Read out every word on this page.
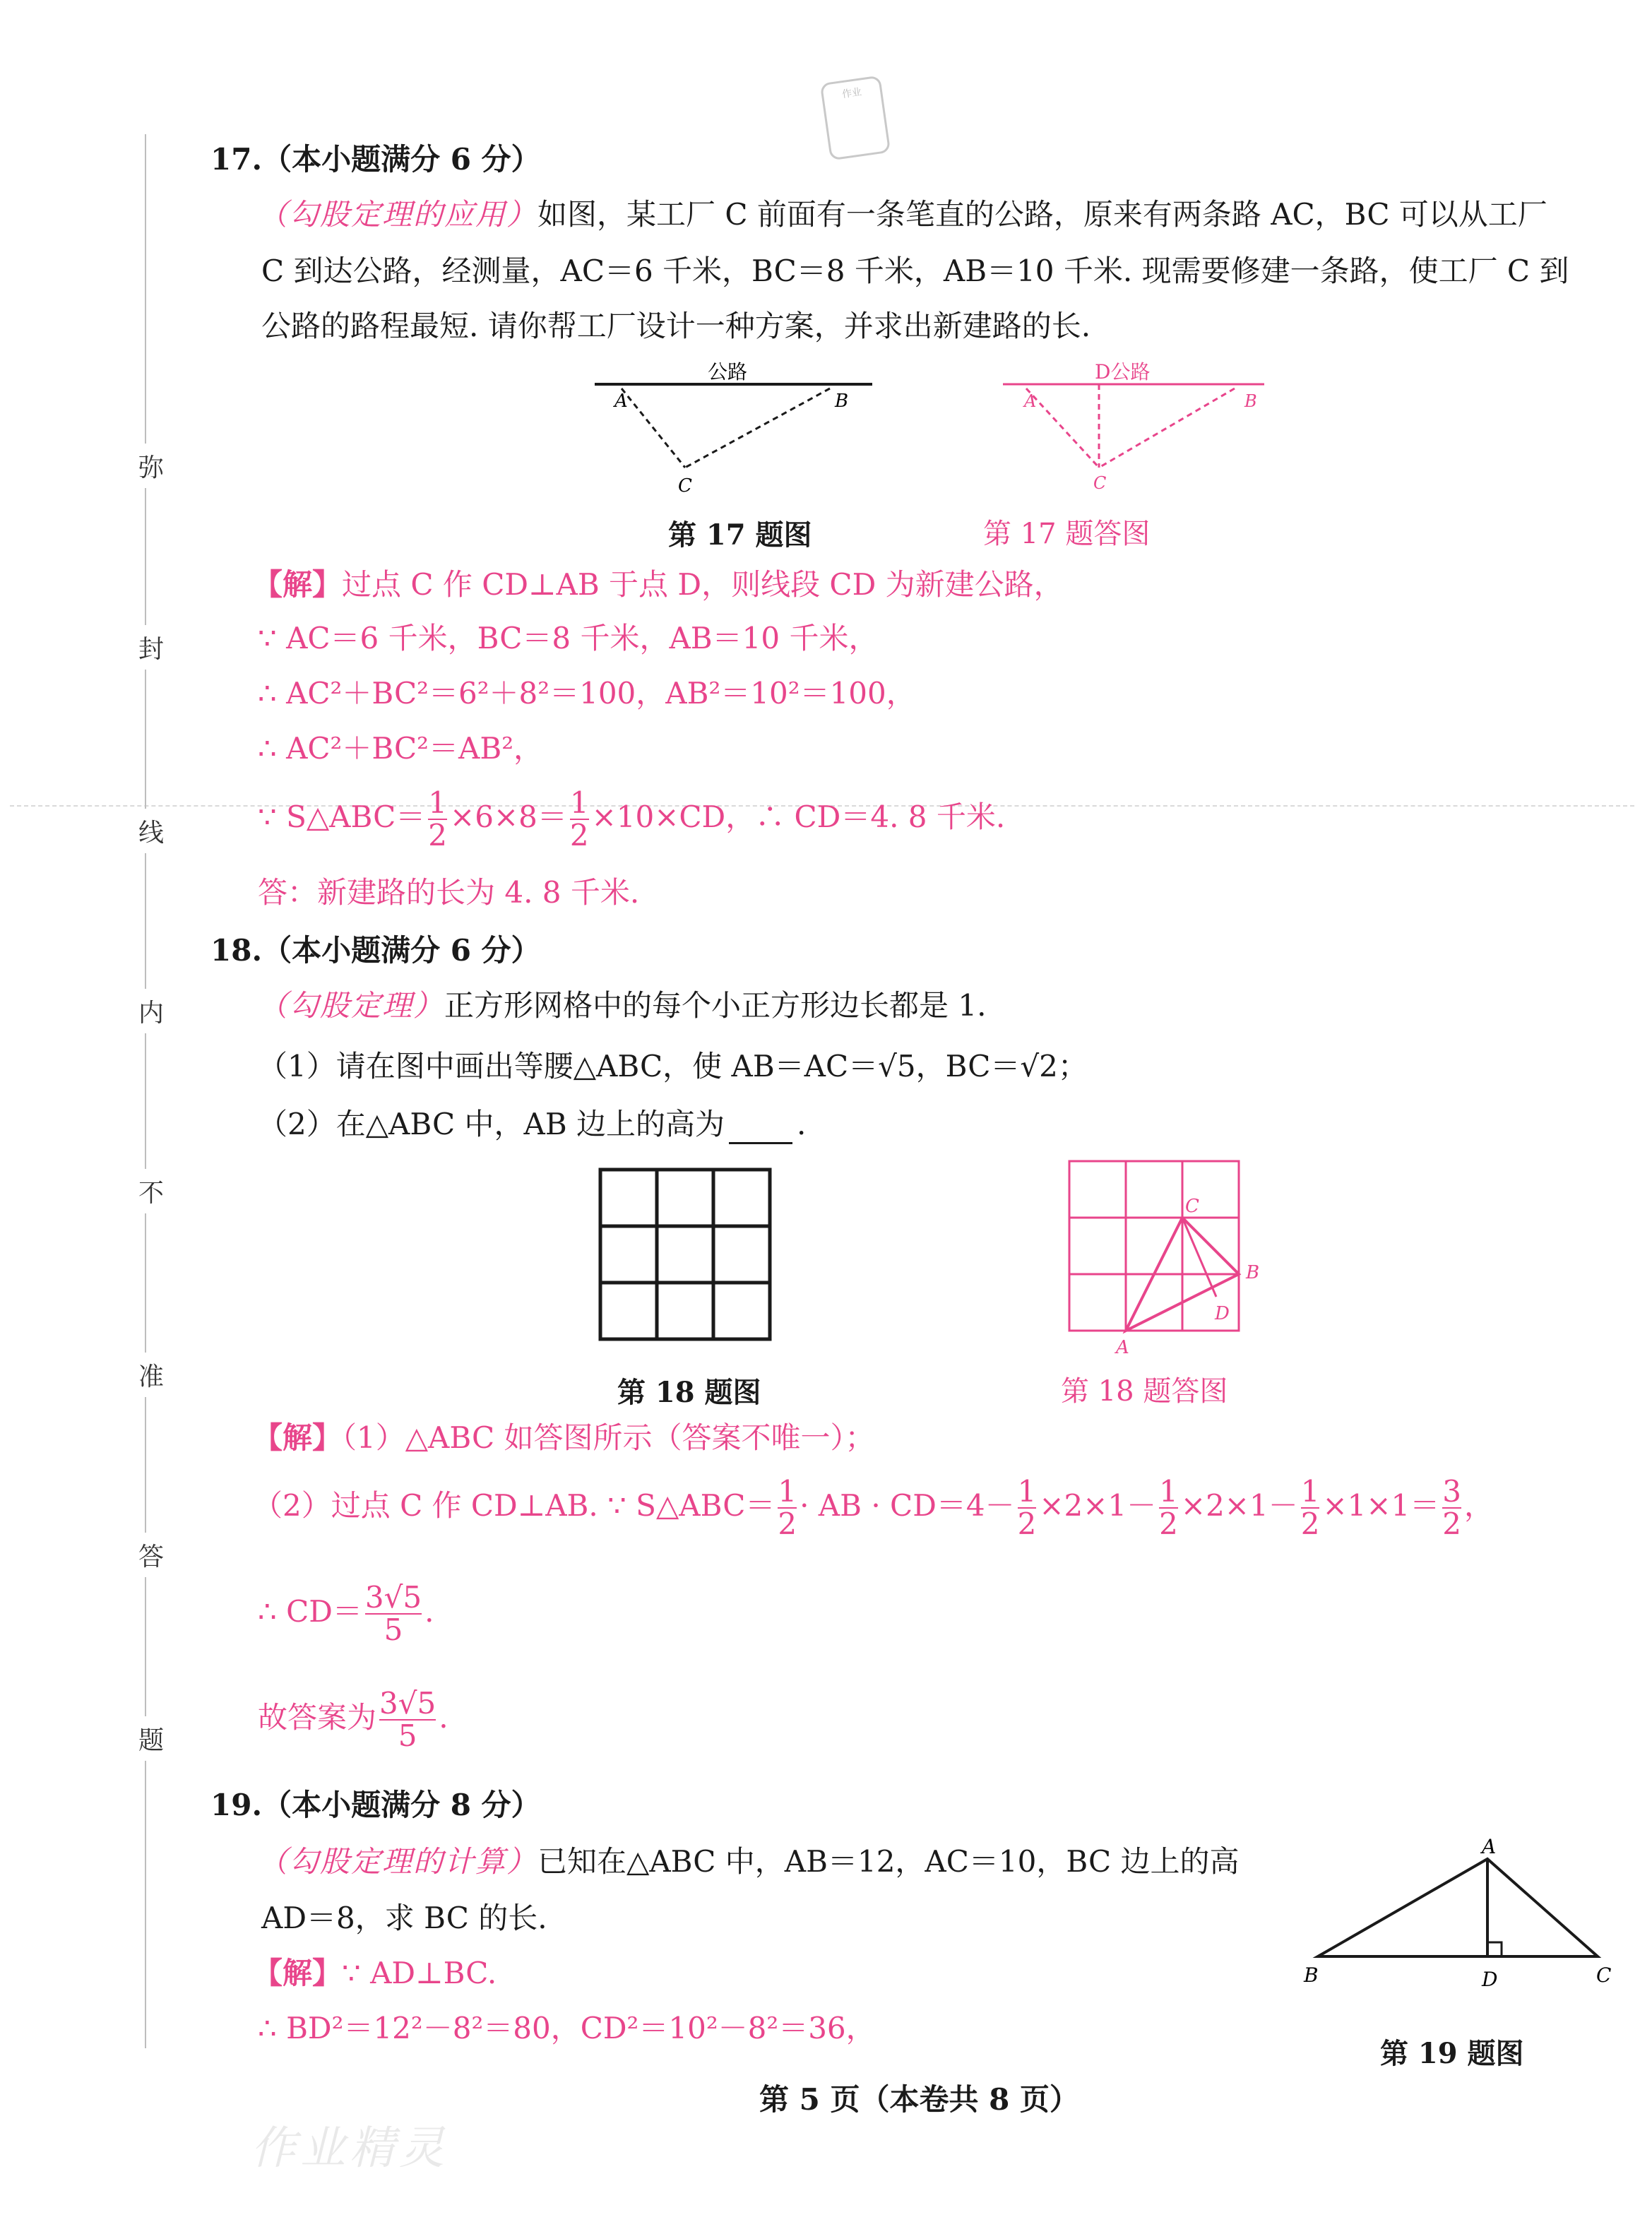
弥
封
线
内
不
准
答
题
作业
17.（本小题满分 6 分）
（勾股定理的应用）如图，某工厂 C 前面有一条笔直的公路，原来有两条路 AC，BC 可以从工厂
C 到达公路，经测量，AC＝6 千米，BC＝8 千米，AB＝10 千米. 现需要修建一条路，使工厂 C 到
公路的路程最短. 请你帮工厂设计一种方案，并求出新建路的长.
公路
A	B
C
第 17 题图
D公路
A	B
C
第 17 题答图
【解】过点 C 作 CD⊥AB 于点 D，则线段 CD 为新建公路，
∵ AC＝6 千米，BC＝8 千米，AB＝10 千米，
∴ AC²＋BC²＝6²＋8²＝100，AB²＝10²＝100，
∴ AC²＋BC²＝AB²，
∵ S△ABC＝ $\frac{1}{2} \times 6\times 8= \frac{1}{2} \times 10\times CD$，∴ CD＝4. 8 千米.
答：新建路的长为 4. 8 千米.
18.（本小题满分 6 分）
（勾股定理）正方形网格中的每个小正方形边长都是 1.
（1）请在图中画出等腰△ABC，使 AB＝AC＝√5，BC＝√2；
（2）在△ABC 中，AB 边上的高为 .
第 18 题图
C
B
D
A
第 18 题答图
【解】（1）△ABC 如答图所示（答案不唯一）；
（2）过点 C 作 CD⊥AB. ∵ S△ABC＝ $\frac{1}{2}$ · AB · $CD=4- \frac{1}{2} \times 2\times 1- \frac{1}{2} \times 2\times 1- \frac{1}{2} \times 1\times 1= \frac{3}{2}$ ，
∴ $CD= \frac{3√5}{5}$ .
故答案为 $\frac{3√5}{5}$ .
19.（本小题满分 8 分）
（勾股定理的计算）已知在△ABC 中，AB＝12，AC＝10，BC 边上的高
AD＝8，求 BC 的长.
A
B	D	C
第 19 题图
【解】∵ AD⊥BC.
∴ BD²＝12²－8²＝80，CD²＝10²－8²＝36，
第 5 页（本卷共 8 页）
作业精灵
